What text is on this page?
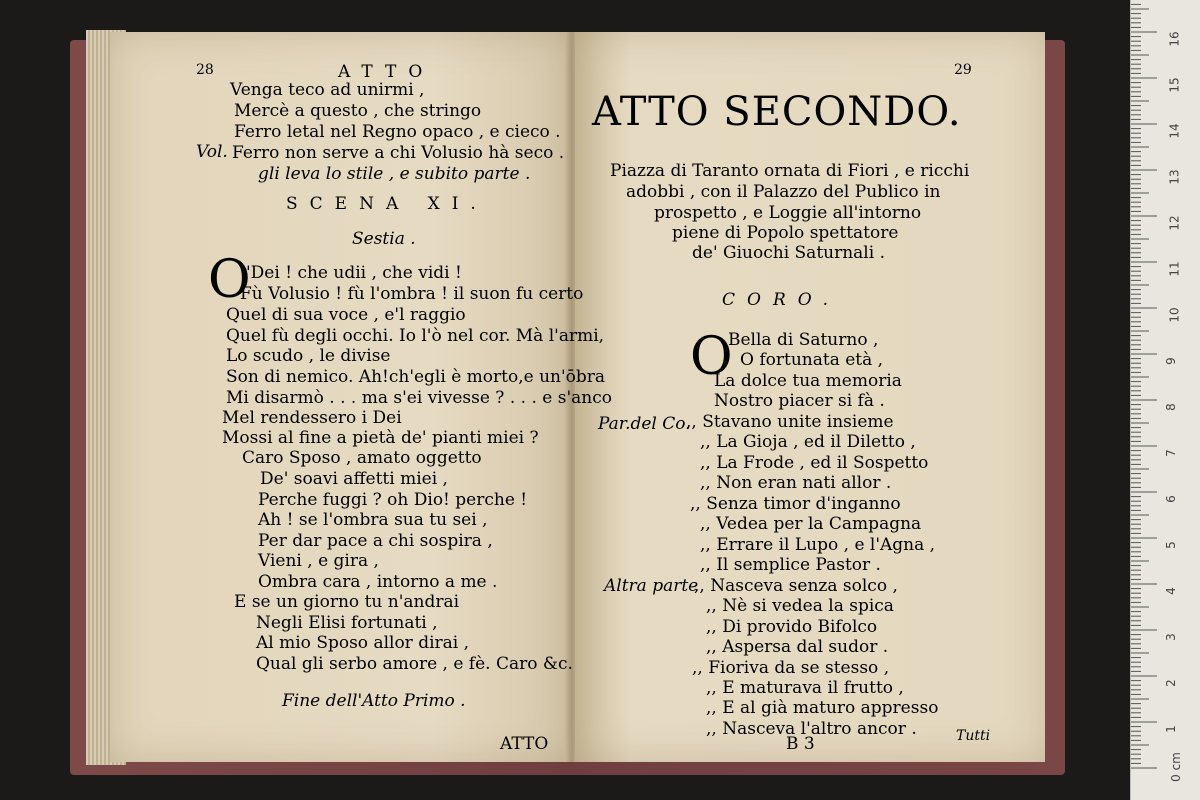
28	ATTO
Venga teco ad unirmi ,
Mercè a questo , che stringo
Ferro letal nel Regno opaco , e cieco .
Vol. Ferro non serve a chi Volusio hà seco .
gli leva lo stile , e subito parte .
SCENA XI.
Sestia .
O
'Dei ! che udii , che vidi !
Fù Volusio ! fù l'ombra ! il suon fu certo
Quel di sua voce , e'l raggio
Quel fù degli occhi. Io l'ò nel cor. Mà l'armi,
Lo scudo , le divise
Son di nemico. Ah!ch'egli è morto,e un'ōbra
Mi disarmò . . . ma s'ei vivesse ? . . . e s'anco
Mel rendessero i Dei
Mossi al fine a pietà de' pianti miei ?
Caro Sposo , amato oggetto
De' soavi affetti miei ,
Perche fuggi ? oh Dio! perche !
Ah ! se l'ombra sua tu sei ,
Per dar pace a chi sospira ,
Vieni , e gira ,
Ombra cara , intorno a me .
E se un giorno tu n'andrai
Negli Elisi fortunati ,
Al mio Sposo allor dirai ,
Qual gli serbo amore , e fè. Caro &c.
Fine dell'Atto Primo .
ATTO
29
ATTO SECONDO.
Piazza di Taranto ornata di Fiori , e ricchi
adobbi , con il Palazzo del Publico in
prospetto , e Loggie all'intorno
piene di Popolo spettatore
de' Giuochi Saturnali .
CORO.
O
Bella di Saturno ,
O fortunata età ,
La dolce tua memoria
Nostro piacer si fà .
Par.del Co.
,, Stavano unite insieme
,, La Gioja , ed il Diletto ,
,, La Frode , ed il Sospetto
,, Non eran nati allor .
,, Senza timor d'inganno
,, Vedea per la Campagna
,, Errare il Lupo , e l'Agna ,
,, Il semplice Pastor .
Altra parte
,, Nasceva senza solco ,
,, Nè si vedea la spica
,, Di provido Bifolco
,, Aspersa dal sudor .
,, Fioriva da se stesso ,
,, E maturava il frutto ,
,, E al già maturo appresso
,, Nasceva l'altro ancor .
B 3	Tutti
0 cm
1
2
3
4
5
6
7
8
9
10
11
12
13
14
15
16
